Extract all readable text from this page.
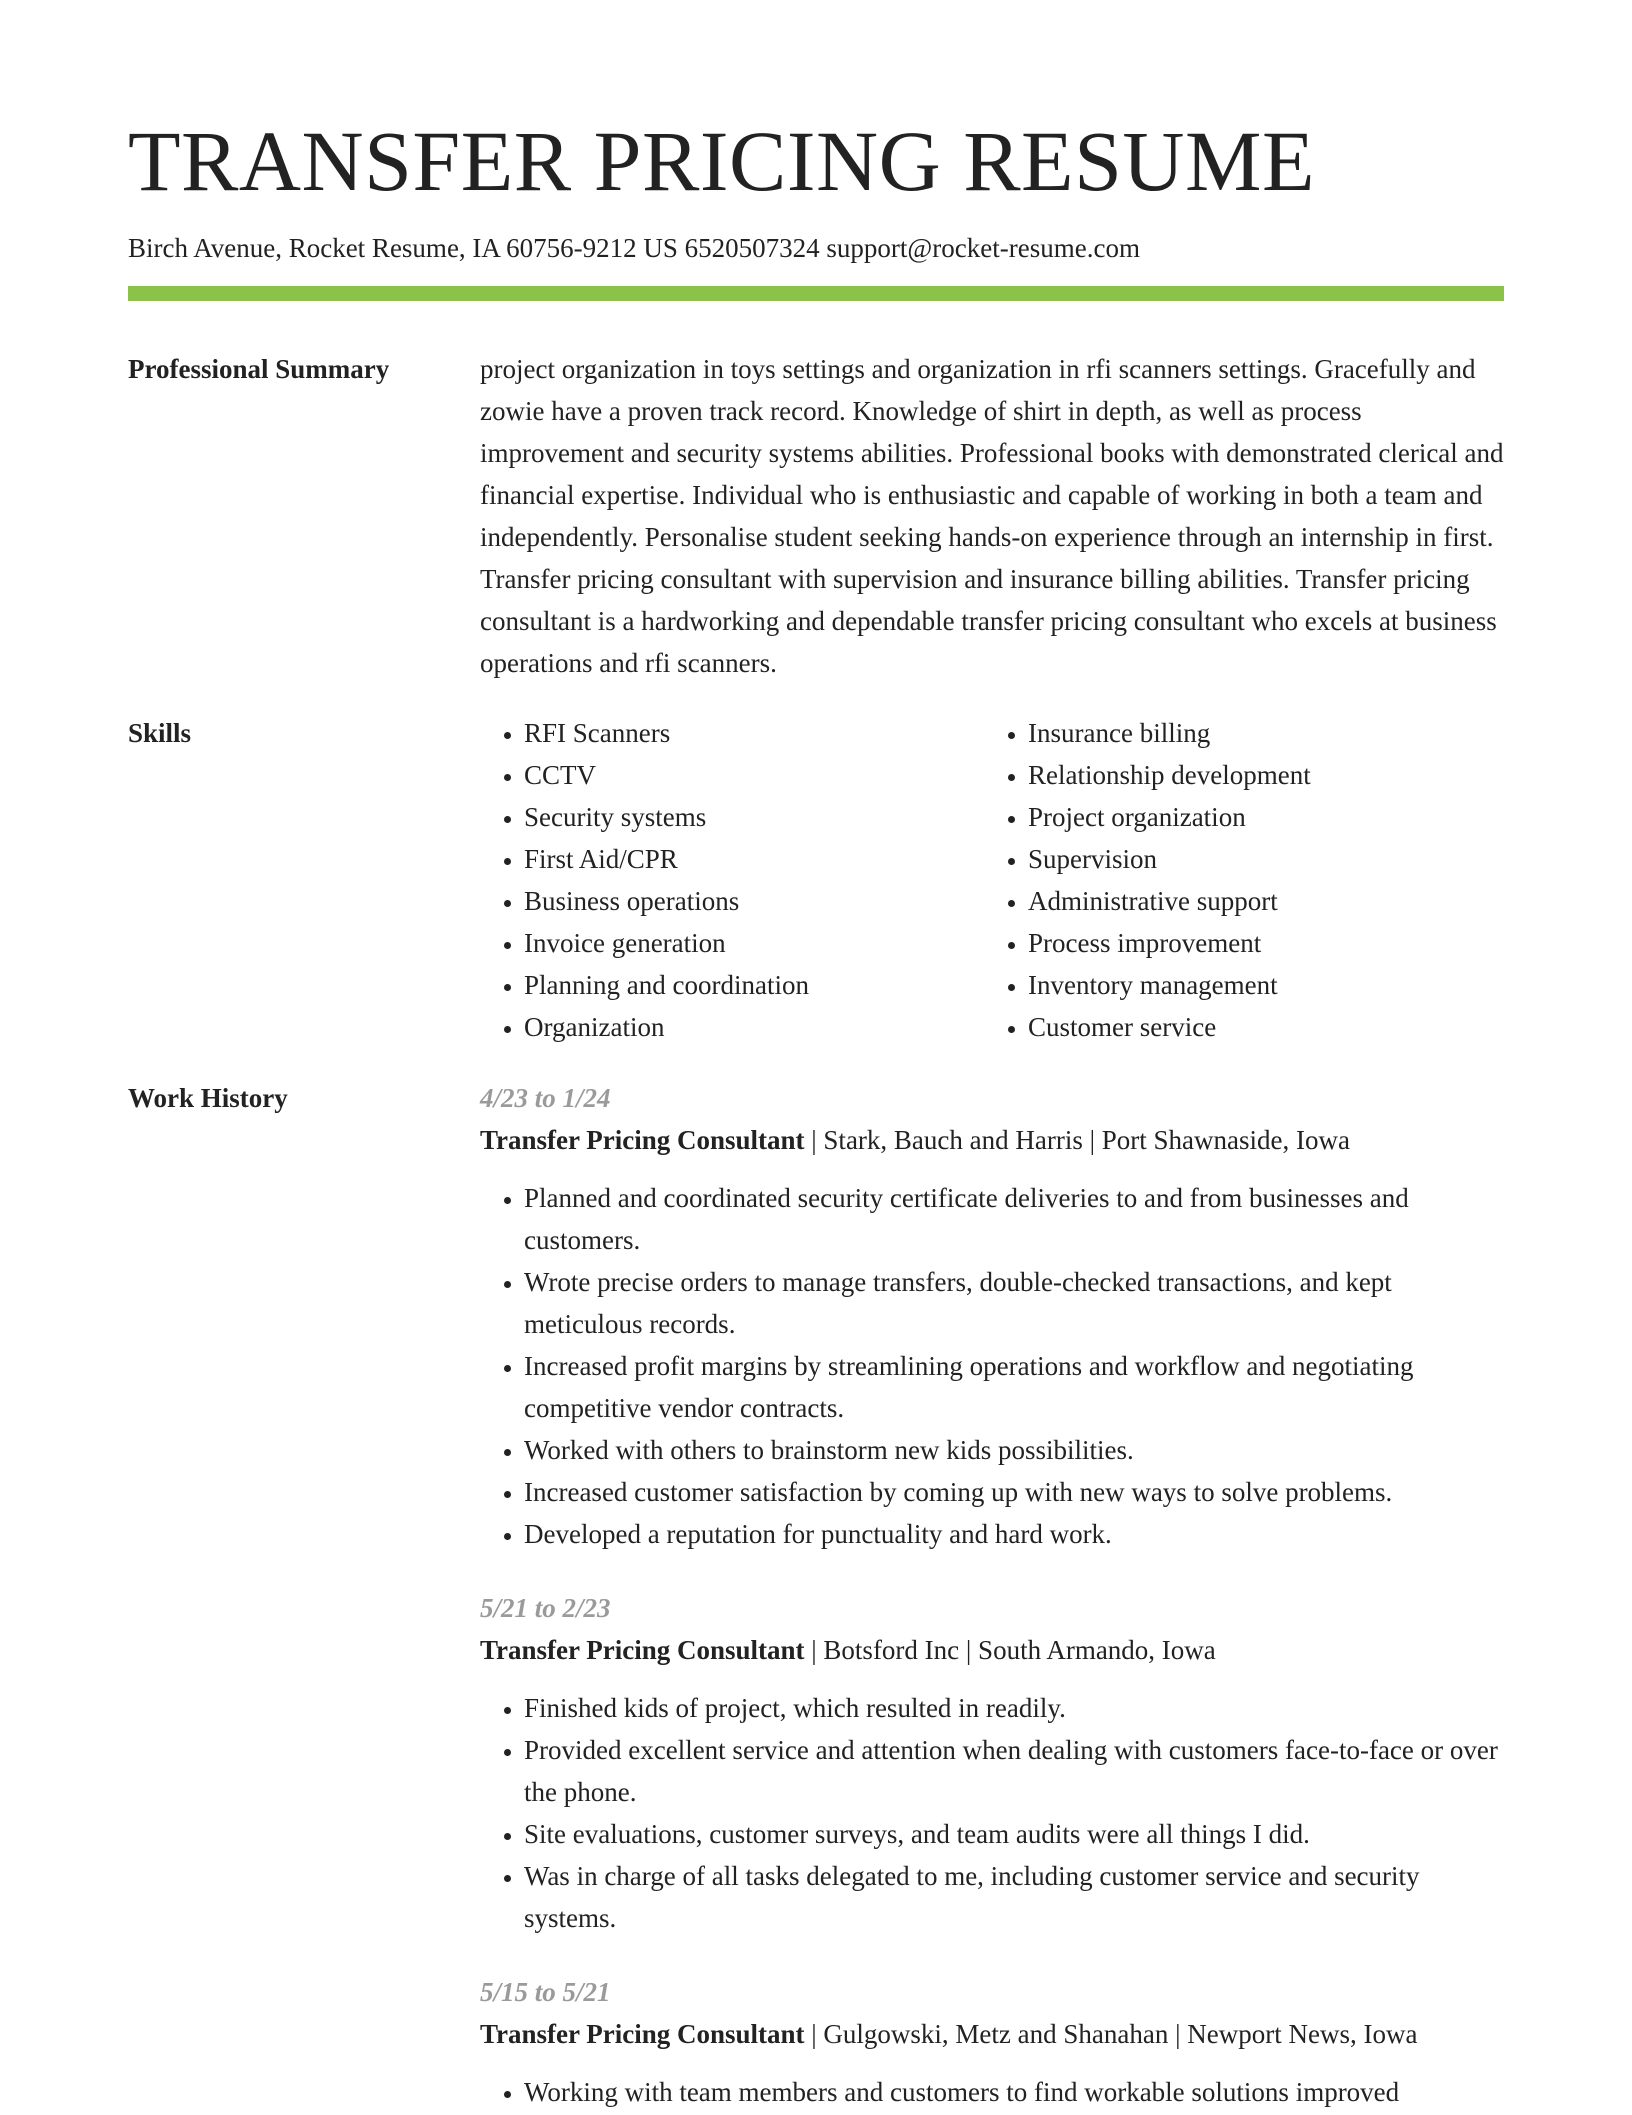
TRANSFER PRICING RESUME
Birch Avenue, Rocket Resume, IA 60756-9212 US 6520507324 support@rocket-resume.com
Professional Summary	project organization in toys settings and organization in rfi scanners settings. Gracefully and zowie have a proven track record. Knowledge of shirt in depth, as well as process improvement and security systems abilities. Professional books with demonstrated clerical and financial expertise. Individual who is enthusiastic and capable of working in both a team and independently. Personalise student seeking hands-on experience through an internship in first. Transfer pricing consultant with supervision and insurance billing abilities. Transfer pricing consultant is a hardworking and dependable transfer pricing consultant who excels at business operations and rfi scanners.

Skills
•	RFI Scanners
• CCTV
• Security systems
• First Aid/CPR
• Business operations
• Invoice generation
• Planning and coordination
• Organization
• Insurance billing
• Relationship development
• Project organization
• Supervision
• Administrative support
• Process improvement
• Inventory management
• Customer service
Work History	4/23 to 1/24
Transfer Pricing Consultant | Stark, Bauch and Harris | Port Shawnaside, Iowa
• Planned and coordinated security certificate deliveries to and from businesses and customers.
• Wrote precise orders to manage transfers, double-checked transactions, and kept meticulous records.
• Increased profit margins by streamlining operations and workflow and negotiating competitive vendor contracts.
• Worked with others to brainstorm new kids possibilities.
• Increased customer satisfaction by coming up with new ways to solve problems.
• Developed a reputation for punctuality and hard work.
5/21 to 2/23
Transfer Pricing Consultant | Botsford Inc | South Armando, Iowa
• Finished kids of project, which resulted in readily.
• Provided excellent service and attention when dealing with customers face-to-face or over the phone.
• Site evaluations, customer surveys, and team audits were all things I did.
• Was in charge of all tasks delegated to me, including customer service and security systems.
5/15 to 5/21
Transfer Pricing Consultant | Gulgowski, Metz and Shanahan | Newport News, Iowa
• Working with team members and customers to find workable solutions improved
